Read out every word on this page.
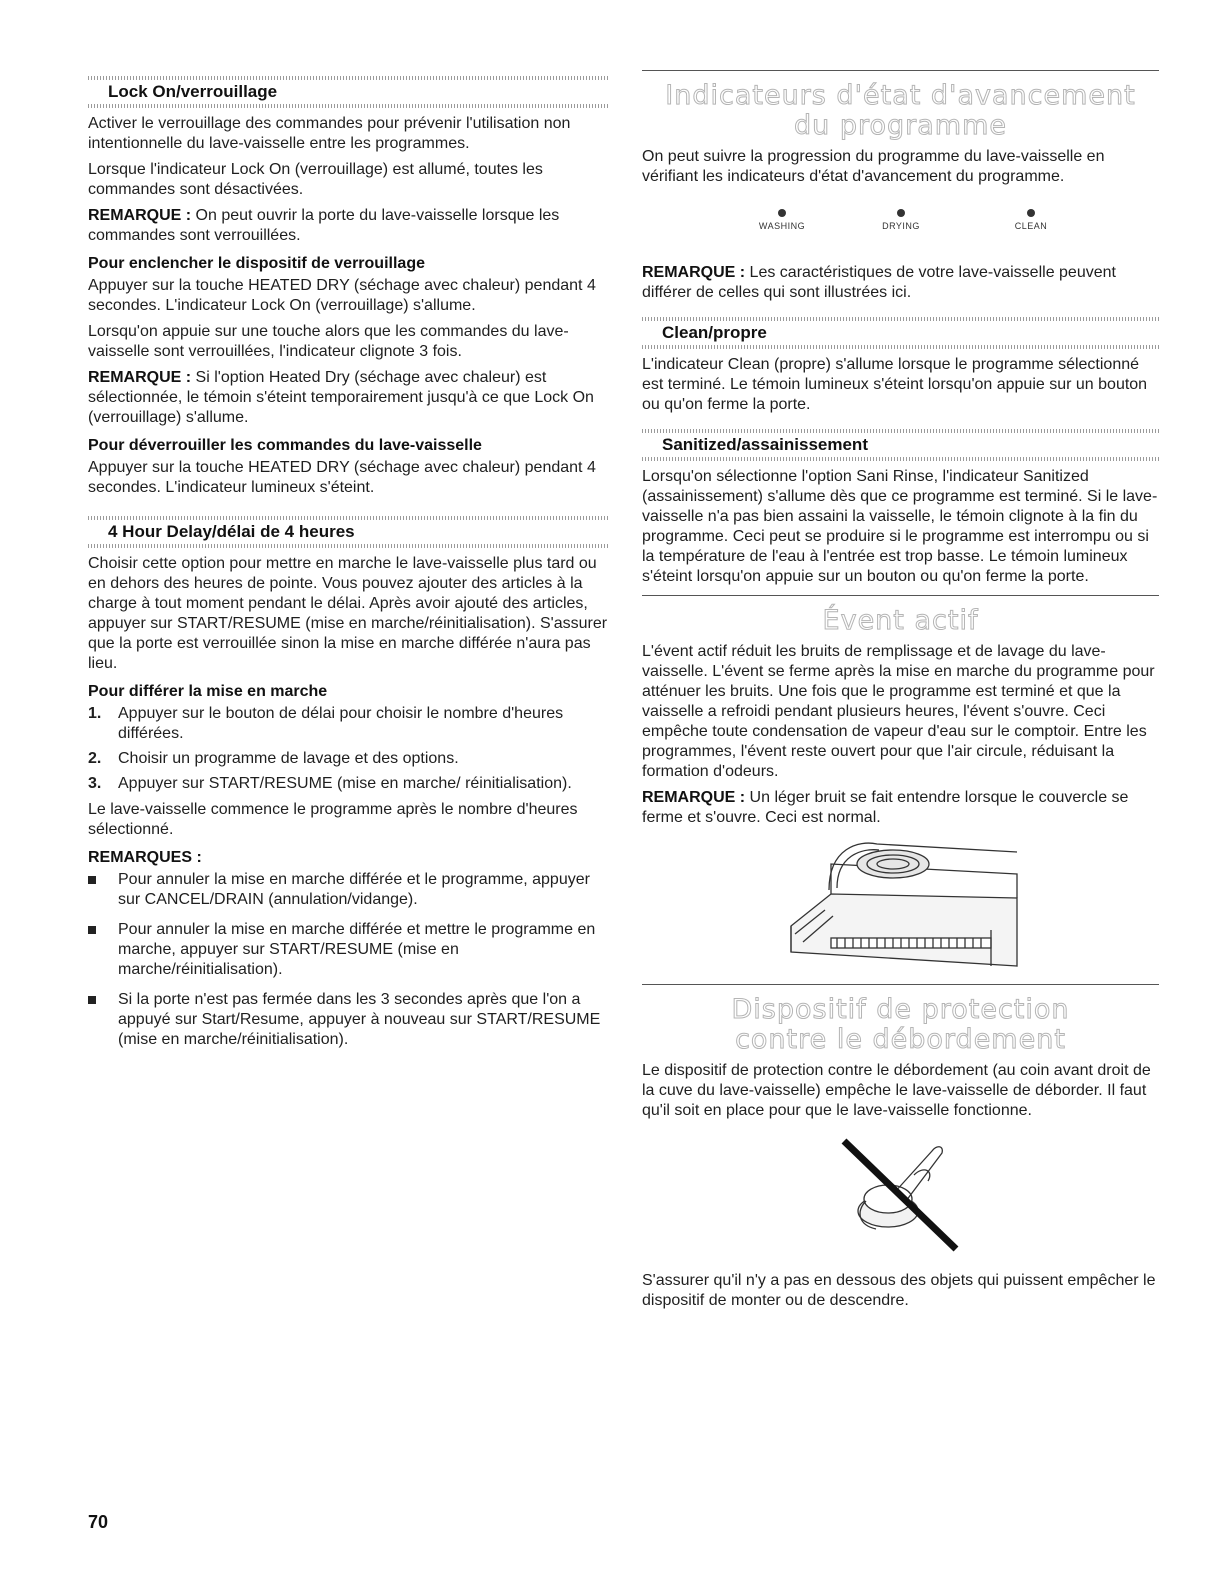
Lock On/verrouillage

Activer le verrouillage des commandes pour prévenir l'utilisation non intentionnelle du lave-vaisselle entre les programmes.

Lorsque l'indicateur Lock On (verrouillage) est allumé, toutes les commandes sont désactivées.

REMARQUE : On peut ouvrir la porte du lave-vaisselle lorsque les commandes sont verrouillées.

Pour enclencher le dispositif de verrouillage

Appuyer sur la touche HEATED DRY (séchage avec chaleur) pendant 4 secondes. L'indicateur Lock On (verrouillage) s'allume.

Lorsqu'on appuie sur une touche alors que les commandes du lave-vaisselle sont verrouillées, l'indicateur clignote 3 fois.

REMARQUE : Si l'option Heated Dry (séchage avec chaleur) est sélectionnée, le témoin s'éteint temporairement jusqu'à ce que Lock On (verrouillage) s'allume.

Pour déverrouiller les commandes du lave-vaisselle

Appuyer sur la touche HEATED DRY (séchage avec chaleur) pendant 4 secondes. L'indicateur lumineux s'éteint.

4 Hour Delay/délai de 4 heures

Choisir cette option pour mettre en marche le lave-vaisselle plus tard ou en dehors des heures de pointe. Vous pouvez ajouter des articles à la charge à tout moment pendant le délai. Après avoir ajouté des articles, appuyer sur START/RESUME (mise en marche/réinitialisation). S'assurer que la porte est verrouillée sinon la mise en marche différée n'aura pas lieu.

Pour différer la mise en marche
1. Appuyer sur le bouton de délai pour choisir le nombre d'heures différées.
2. Choisir un programme de lavage et des options.
3. Appuyer sur START/RESUME (mise en marche/ réinitialisation).

Le lave-vaisselle commence le programme après le nombre d'heures sélectionné.

REMARQUES :
Pour annuler la mise en marche différée et le programme, appuyer sur CANCEL/DRAIN (annulation/vidange).
Pour annuler la mise en marche différée et mettre le programme en marche, appuyer sur START/RESUME (mise en marche/réinitialisation).
Si la porte n'est pas fermée dans les 3 secondes après que l'on a appuyé sur Start/Resume, appuyer à nouveau sur START/RESUME (mise en marche/réinitialisation).
Indicateurs d'état d'avancement
du programme

On peut suivre la progression du programme du lave-vaisselle en vérifiant les indicateurs d'état d'avancement du programme.

WASHING	DRYING	CLEAN

REMARQUE : Les caractéristiques de votre lave-vaisselle peuvent différer de celles qui sont illustrées ici.

Clean/propre

L'indicateur Clean (propre) s'allume lorsque le programme sélectionné est terminé. Le témoin lumineux s'éteint lorsqu'on appuie sur un bouton ou qu'on ferme la porte.

Sanitized/assainissement

Lorsqu'on sélectionne l'option Sani Rinse, l'indicateur Sanitized (assainissement) s'allume dès que ce programme est terminé. Si le lave-vaisselle n'a pas bien assaini la vaisselle, le témoin clignote à la fin du programme. Ceci peut se produire si le programme est interrompu ou si la température de l'eau à l'entrée est trop basse. Le témoin lumineux s'éteint lorsqu'on appuie sur un bouton ou qu'on ferme la porte.

Évent actif

L'évent actif réduit les bruits de remplissage et de lavage du lave-vaisselle. L'évent se ferme après la mise en marche du programme pour atténuer les bruits. Une fois que le programme est terminé et que la vaisselle a refroidi pendant plusieurs heures, l'évent s'ouvre. Ceci empêche toute condensation de vapeur d'eau sur le comptoir. Entre les programmes, l'évent reste ouvert pour que l'air circule, réduisant la formation d'odeurs.

REMARQUE : Un léger bruit se fait entendre lorsque le couvercle se ferme et s'ouvre. Ceci est normal.

Dispositif de protection
contre le débordement

Le dispositif de protection contre le débordement (au coin avant droit de la cuve du lave-vaisselle) empêche le lave-vaisselle de déborder. Il faut qu'il soit en place pour que le lave-vaisselle fonctionne.

S'assurer qu'il n'y a pas en dessous des objets qui puissent empêcher le dispositif de monter ou de descendre.

70
